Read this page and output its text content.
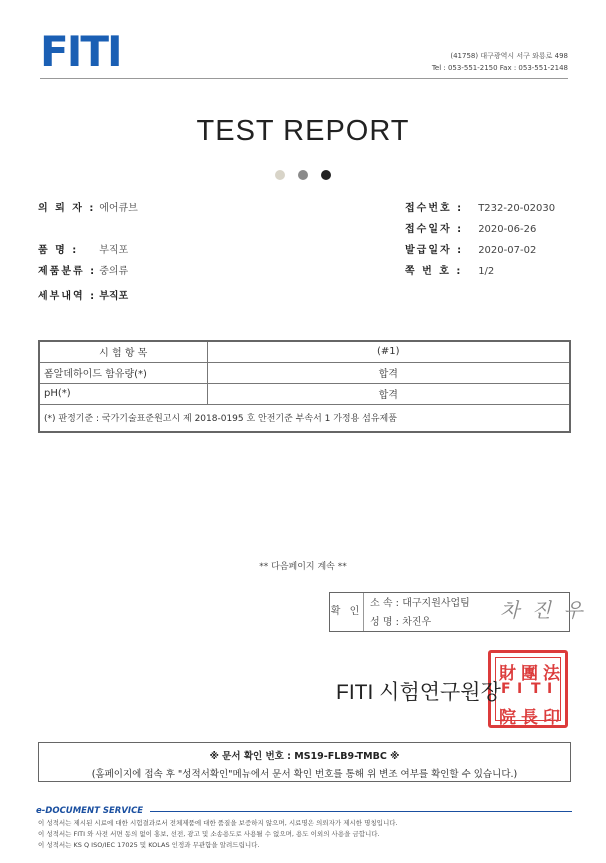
FITI	(41758) 대구광역시 서구 와룡로 498
Tel : 053-551-2150 Fax : 053-551-2148
TEST REPORT

의 뢰 자 : 에어큐브
품 명 : 부직포
제품분류 : 중의류
세부내역 : 부직포
접수번호 : T232-20-02030
접수일자 : 2020-06-26
발급일자 : 2020-07-02
쪽 번 호 : 1/2
시 험 항 목	(#1)
폼알데하이드 함유량(*)	합격
pH(*)	합격
(*) 판정기준 : 국가기술표준원고시 제 2018-0195 호 안전기준 부속서 1 가정용 섬유제품	
** 다음페이지 계속 **
확 인
소 속 : 대구지원사업팀
성 명 : 차진우
차 진 우
財 團 法
F I T I
院 長 印
FITI 시험연구원장
※ 문서 확인 번호 : MS19-FLB9-TMBC ※
(홈페이지에 접속 후 "성적서확인"메뉴에서 문서 확인 번호를 통해 위 변조 여부를 확인할 수 있습니다.)
e-DOCUMENT SERVICE
이 성적서는 제시된 시료에 대한 시험결과로서 전체제품에 대한 품질을 보증하지 않으며, 시료명은 의뢰자가 제시한 명칭입니다.
이 성적서는 FITI 와 사전 서면 동의 없이 홍보, 선전, 광고 및 소송용도로 사용될 수 없으며, 용도 이외의 사용을 금합니다.
이 성적서는 KS Q ISO/IEC 17025 및 KOLAS 인정과 무관함을 알려드립니다.
